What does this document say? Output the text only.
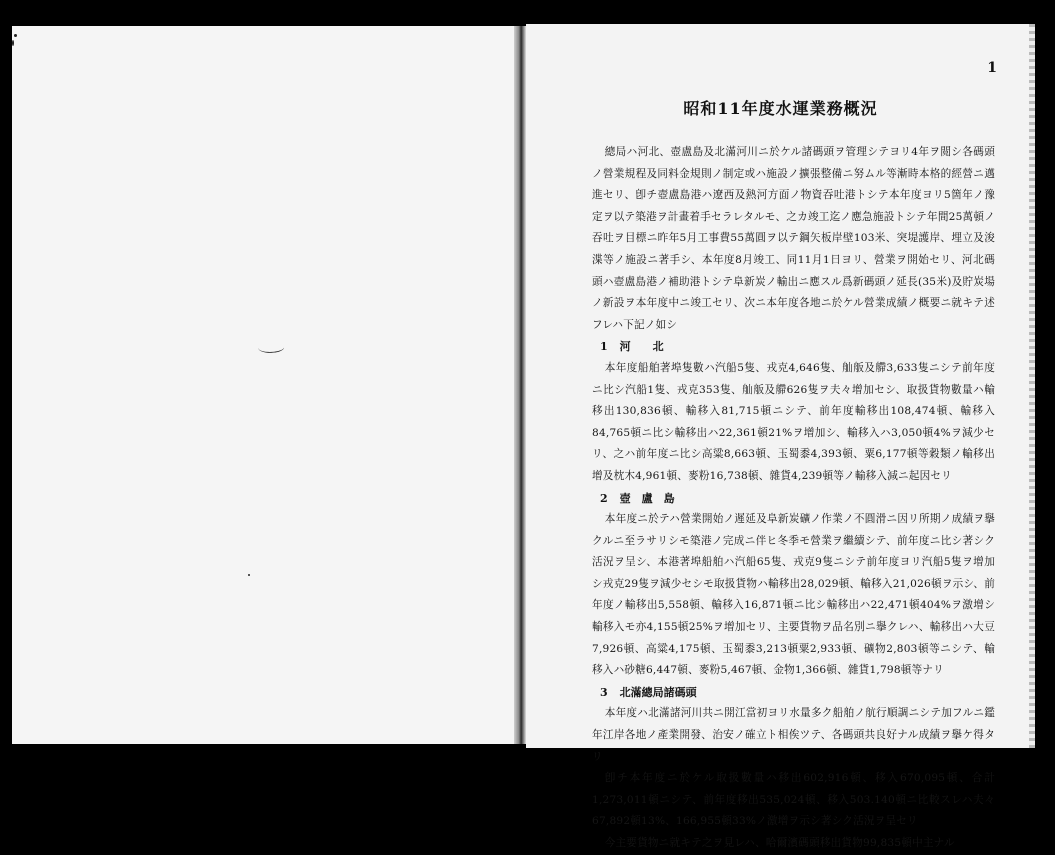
1
昭和11年度水運業務概況

總局ハ河北、壺盧島及北滿河川ニ於ケル諸碼頭ヲ管理シテヨリ4年ヲ閲シ各碼頭ノ營業規程及同料金規則ノ制定或ハ施設ノ擴張整備ニ努ムル等漸時本格的經營ニ邁進セリ、卽チ壺盧島港ハ遼西及熱河方面ノ物資吞吐港トシテ本年度ヨリ5箇年ノ豫定ヲ以テ築港ヲ計畫着手セラレタルモ、之カ竣工迄ノ應急施設トシテ年間25萬頓ノ吞吐ヲ目標ニ昨年5月工事費55萬圓ヲ以テ鋼矢板岸壁103米、突堤護岸、埋立及浚渫等ノ施設ニ著手シ、本年度8月竣工、同11月1日ヨリ、營業ヲ開始セリ、河北碼頭ハ壺盧島港ノ補助港トシテ阜新炭ノ輸出ニ應スル爲新碼頭ノ延長(35米)及貯炭場ノ新設ヲ本年度中ニ竣工セリ、次ニ本年度各地ニ於ケル營業成績ノ概要ニ就キテ述フレハ下記ノ如シ

1 河　　北

本年度船舶著埠隻數ハ汽船5隻、戎克4,646隻、舢舨及艜3,633隻ニシテ前年度ニ比シ汽船1隻、戎克353隻、舢舨及艜626隻ヲ夫々增加セシ、取扱貨物數量ハ輸移出130,836頓、輸移入81,715頓ニシテ、前年度輸移出108,474頓、輸移入84,765頓ニ比シ輸移出ハ22,361頓21%ヲ增加シ、輸移入ハ3,050頓4%ヲ減少セリ、之ハ前年度ニ比シ高粱8,663頓、玉蜀黍4,393頓、粟6,177頓等穀類ノ輸移出增及枕木4,961頓、麥粉16,738頓、雜貨4,239頓等ノ輸移入減ニ起因セリ

2 壺　盧　島

本年度ニ於テハ營業開始ノ遲延及阜新炭礦ノ作業ノ不圓滑ニ因リ所期ノ成績ヲ擧クルニ至ラサリシモ築港ノ完成ニ伴ヒ冬季モ營業ヲ繼續シテ、前年度ニ比シ著シク活況ヲ呈シ、本港著埠船舶ハ汽船65隻、戎克9隻ニシテ前年度ヨリ汽船5隻ヲ增加シ戎克29隻ヲ減少セシモ取扱貨物ハ輸移出28,029頓、輸移入21,026頓ヲ示シ、前年度ノ輸移出5,558頓、輸移入16,871頓ニ比シ輸移出ハ22,471頓404%ヲ激增シ輸移入モ亦4,155頓25%ヲ增加セリ、主要貨物ヲ品名別ニ擧クレハ、輸移出ハ大豆7,926頓、高粱4,175頓、玉蜀黍3,213頓粟2,933頓、礦物2,803頓等ニシテ、輸移入ハ砂糖6,447頓、麥粉5,467頓、金物1,366頓、雜貨1,798頓等ナリ

3 北滿總局諸碼頭

本年度ハ北滿諸河川共ニ開江當初ヨリ水量多ク船舶ノ航行順調ニシテ加フルニ鑑年江岸各地ノ產業開發、治安ノ確立ト相俟ツテ、各碼頭共良好ナル成績ヲ擧ケ得タリ

卽チ本年度ニ於ケル取扱數量ハ移出602,916頓、移入670,095頓、合計1,273,011頓ニシテ、前年度移出535,024頓、移入503.140頓ニ比較スレハ夫々67,892頓13%、166,955頓33%ノ激增ヲ示シ著シク活況ヲ呈セリ

今主要貨物ニ就キテ之ヲ見レハ、哈爾濱碼頭移出貨物99,835頓中主ナル
